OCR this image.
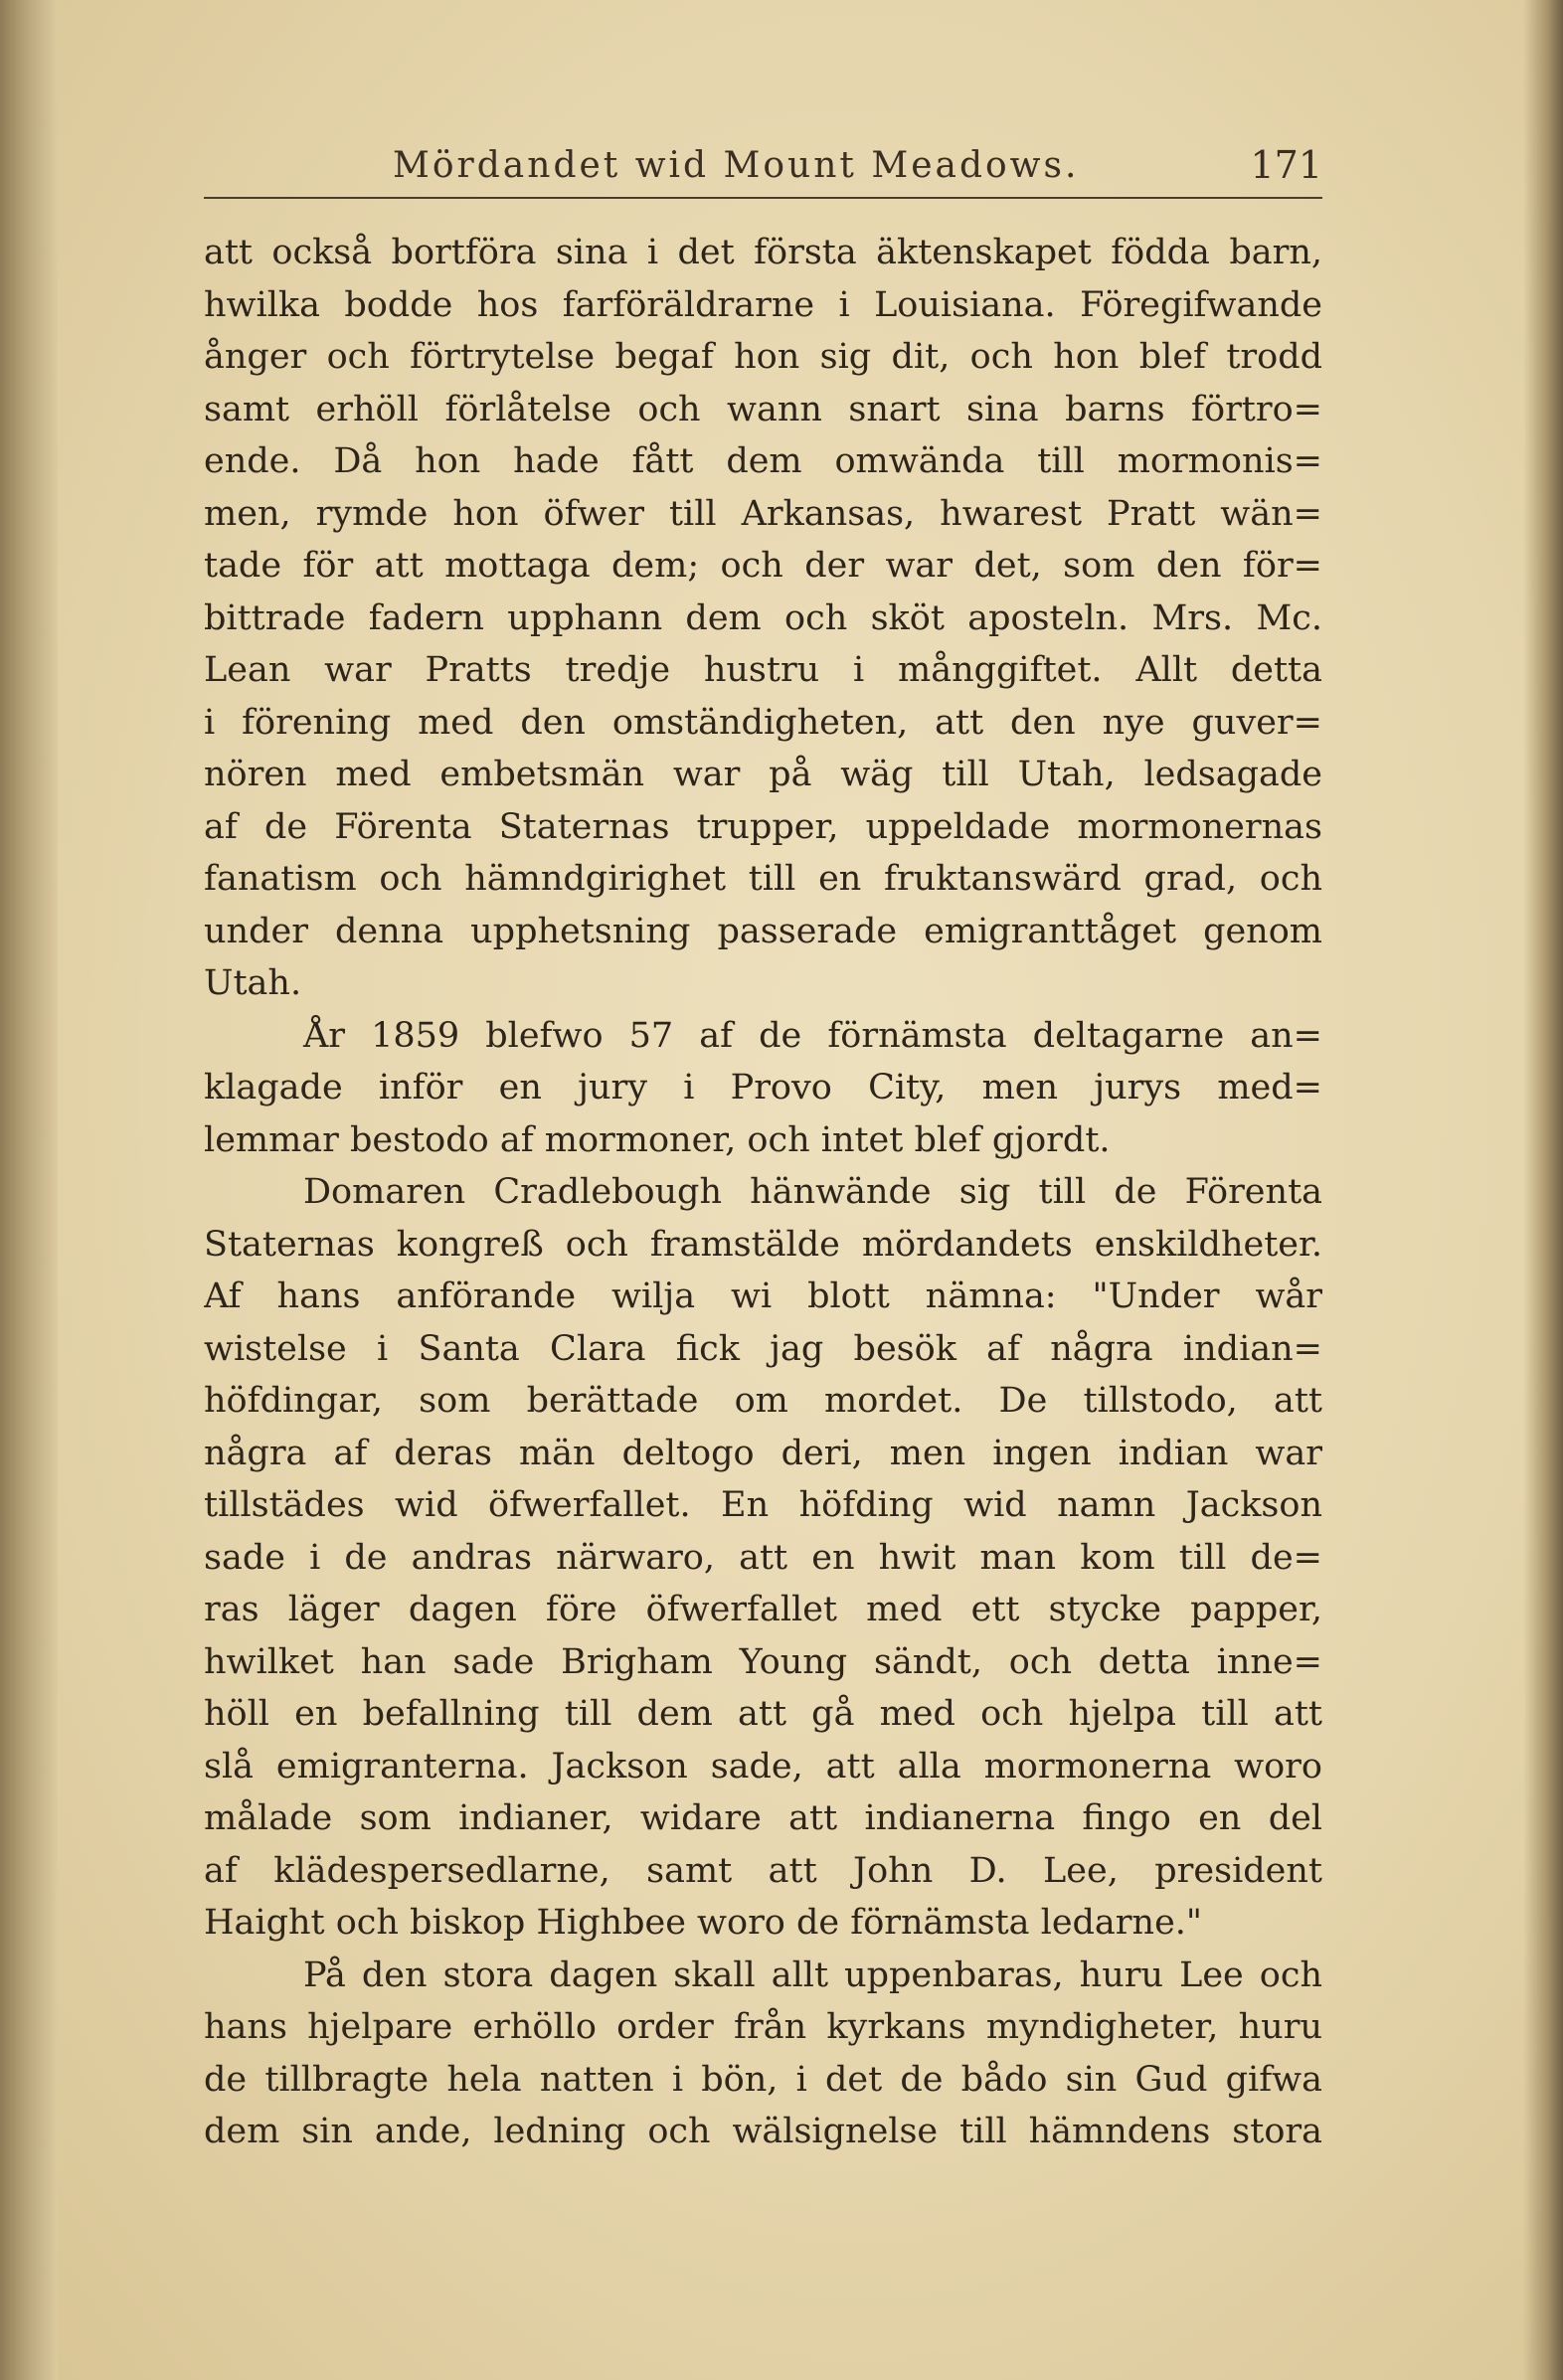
Mördandet wid Mount Meadows.	171
att också bortföra sina i det första äktenskapet födda barn,
hwilka bodde hos farföräldrarne i Louisiana. Föregifwande
ånger och förtrytelse begaf hon sig dit, och hon blef trodd
samt erhöll förlåtelse och wann snart sina barns förtro=
ende. Då hon hade fått dem omwända till mormonis=
men, rymde hon öfwer till Arkansas, hwarest Pratt wän=
tade för att mottaga dem; och der war det, som den för=
bittrade fadern upphann dem och sköt aposteln. Mrs. Mc.
Lean war Pratts tredje hustru i månggiftet. Allt detta
i förening med den omständigheten, att den nye guver=
nören med embetsmän war på wäg till Utah, ledsagade
af de Förenta Staternas trupper, uppeldade mormonernas
fanatism och hämndgirighet till en fruktanswärd grad, och
under denna upphetsning passerade emigranttåget genom
Utah.
År 1859 blefwo 57 af de förnämsta deltagarne an=
klagade inför en jury i Provo City, men jurys med=
lemmar bestodo af mormoner, och intet blef gjordt.
Domaren Cradlebough hänwände sig till de Förenta
Staternas kongreß och framstälde mördandets enskildheter.
Af hans anförande wilja wi blott nämna: "Under wår
wistelse i Santa Clara fick jag besök af några indian=
höfdingar, som berättade om mordet. De tillstodo, att
några af deras män deltogo deri, men ingen indian war
tillstädes wid öfwerfallet. En höfding wid namn Jackson
sade i de andras närwaro, att en hwit man kom till de=
ras läger dagen före öfwerfallet med ett stycke papper,
hwilket han sade Brigham Young sändt, och detta inne=
höll en befallning till dem att gå med och hjelpa till att
slå emigranterna. Jackson sade, att alla mormonerna woro
målade som indianer, widare att indianerna fingo en del
af klädespersedlarne, samt att John D. Lee, president
Haight och biskop Highbee woro de förnämsta ledarne."
På den stora dagen skall allt uppenbaras, huru Lee och
hans hjelpare erhöllo order från kyrkans myndigheter, huru
de tillbragte hela natten i bön, i det de bådo sin Gud gifwa
dem sin ande, ledning och wälsignelse till hämndens stora
